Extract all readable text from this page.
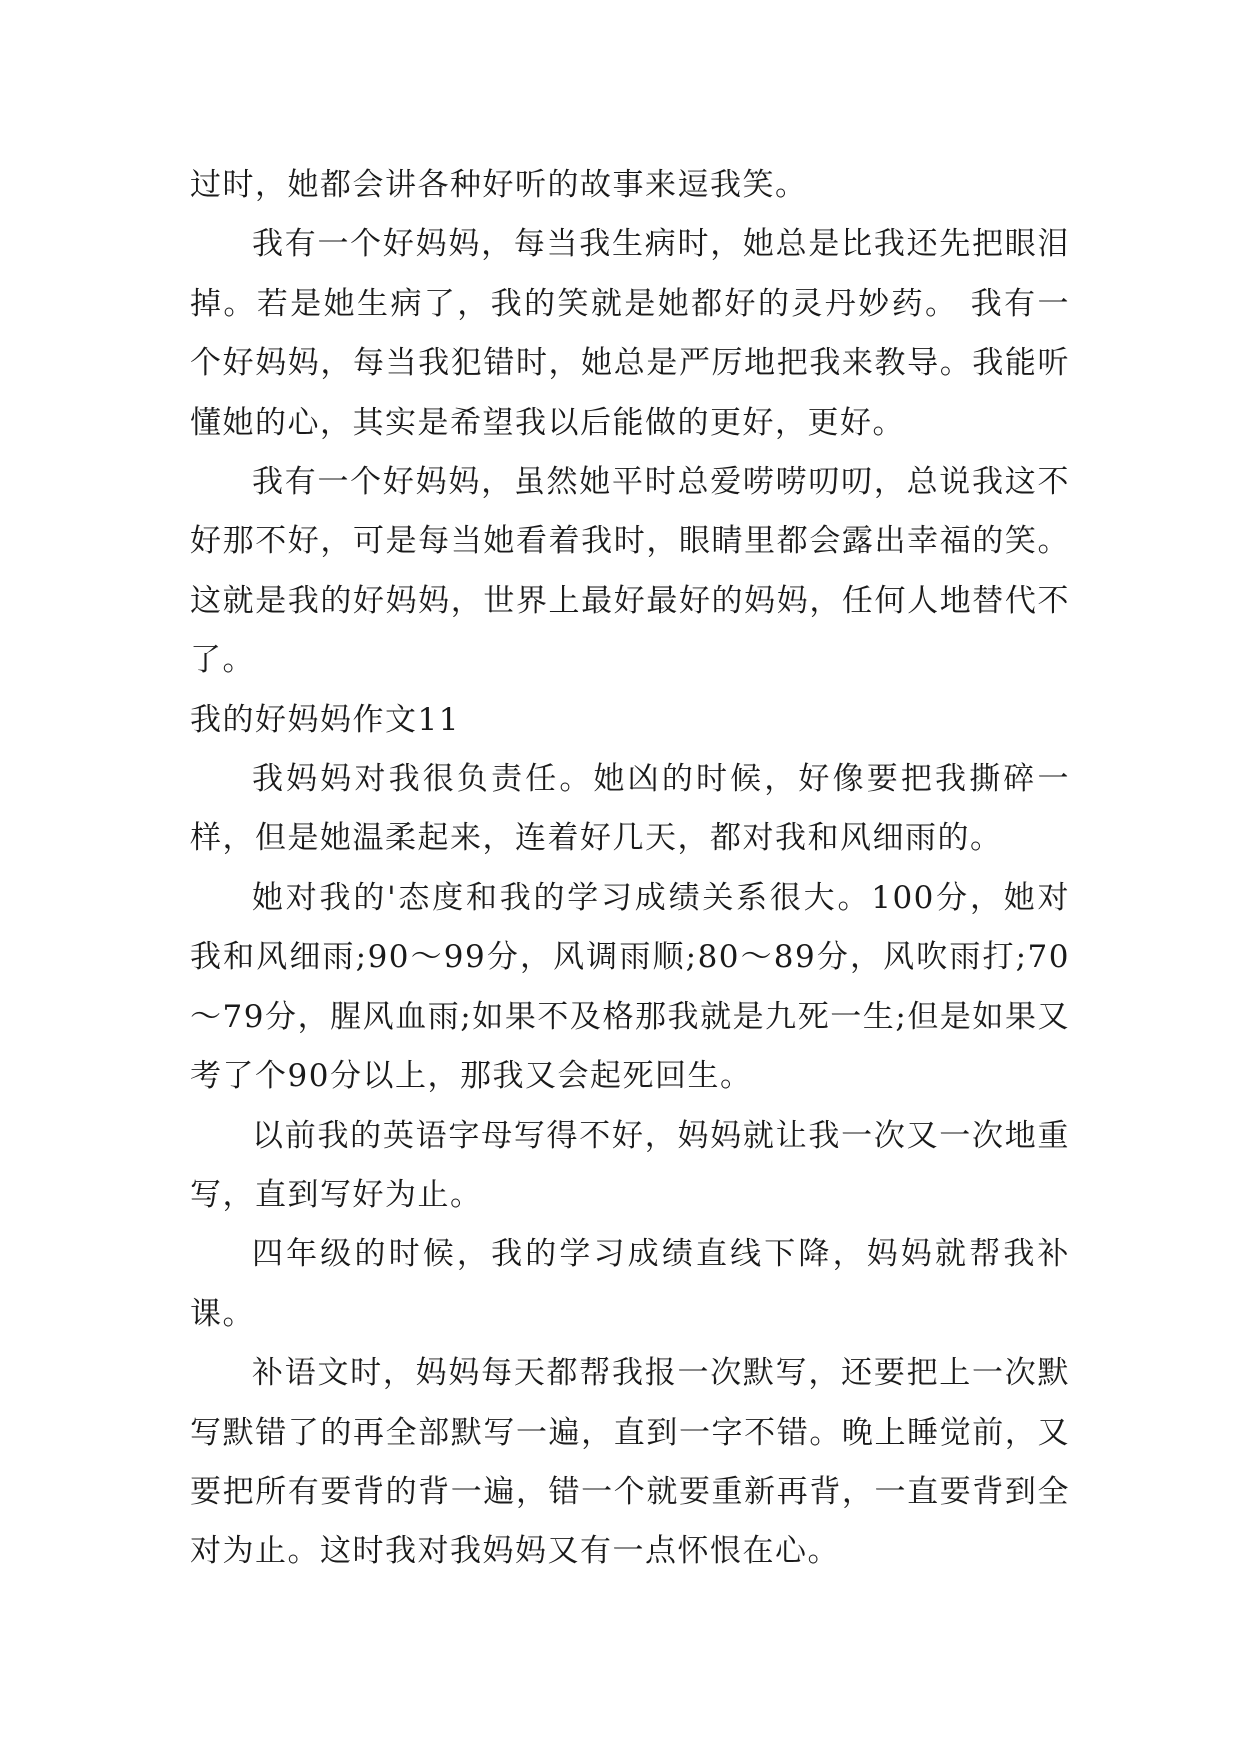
过时，她都会讲各种好听的故事来逗我笑。

我有一个好妈妈，每当我生病时，她总是比我还先把眼泪掉。若是她生病了，我的笑就是她都好的灵丹妙药。 我有一个好妈妈，每当我犯错时，她总是严厉地把我来教导。我能听懂她的心，其实是希望我以后能做的更好，更好。

我有一个好妈妈，虽然她平时总爱唠唠叨叨，总说我这不好那不好，可是每当她看着我时，眼睛里都会露出幸福的笑。 这就是我的好妈妈，世界上最好最好的妈妈，任何人地替代不了。

我的好妈妈作文11

我妈妈对我很负责任。她凶的时候，好像要把我撕碎一样，但是她温柔起来，连着好几天，都对我和风细雨的。

她对我的'态度和我的学习成绩关系很大。100分，她对我和风细雨;90～99分，风调雨顺;80～89分，风吹雨打;70～79分，腥风血雨;如果不及格那我就是九死一生;但是如果又考了个90分以上，那我又会起死回生。

以前我的英语字母写得不好，妈妈就让我一次又一次地重写，直到写好为止。

四年级的时候，我的学习成绩直线下降，妈妈就帮我补课。

补语文时，妈妈每天都帮我报一次默写，还要把上一次默写默错了的再全部默写一遍，直到一字不错。晚上睡觉前，又要把所有要背的背一遍，错一个就要重新再背，一直要背到全对为止。这时我对我妈妈又有一点怀恨在心。
